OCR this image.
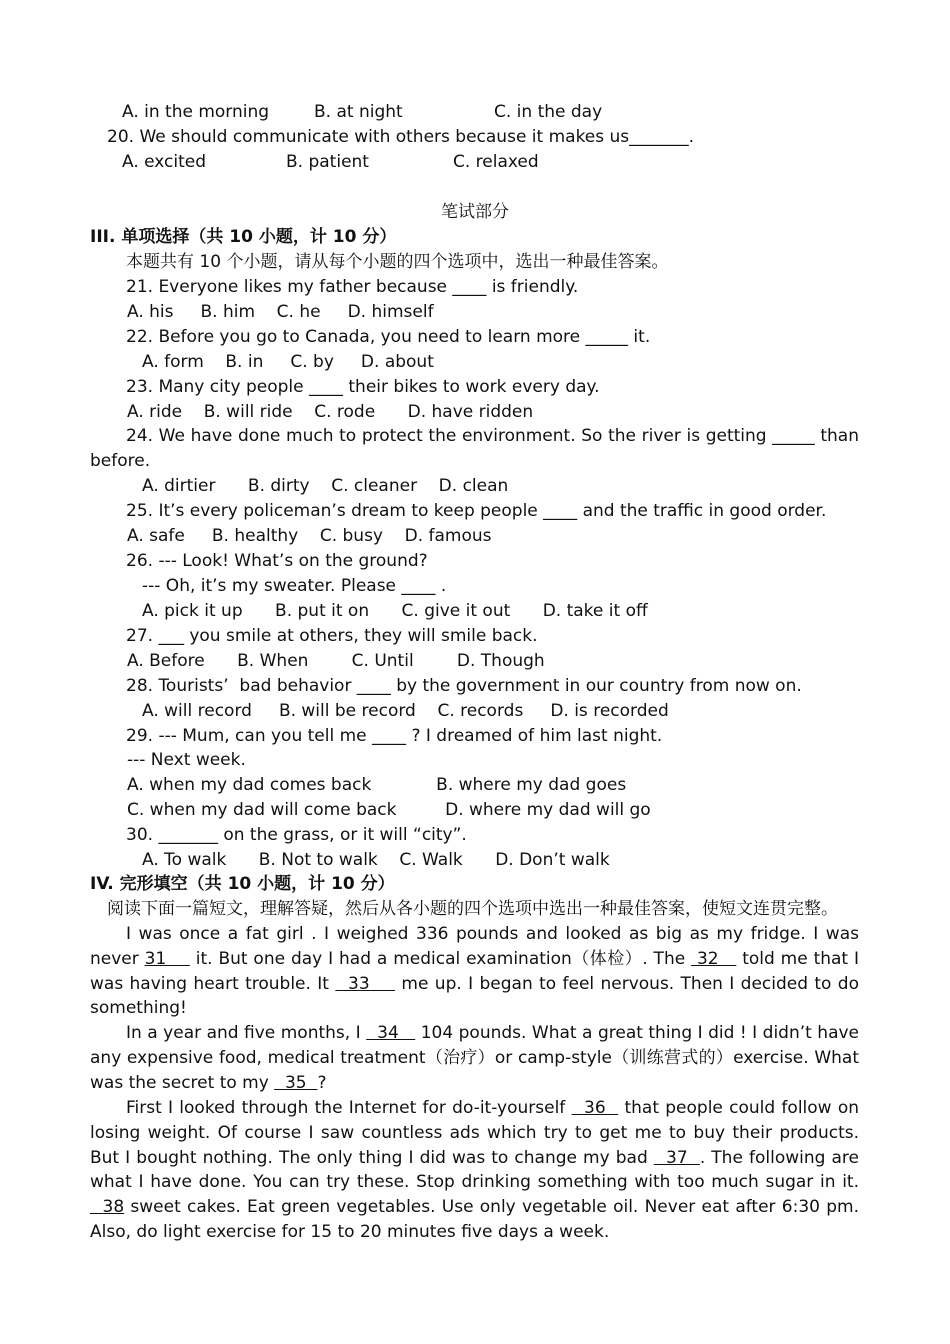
A. in the morning	B. at night	C. in the day
20. We should communicate with others because it makes us_______.
A. excited	B. patient	C. relaxed
笔试部分
III. 单项选择（共 10 小题，计 10 分）
本题共有 10 个小题，请从每个小题的四个选项中，选出一种最佳答案。
21. Everyone likes my father because ____ is friendly.
A. his     B. him    C. he     D. himself
22. Before you go to Canada, you need to learn more _____ it.
A. form    B. in     C. by     D. about
23. Many city people ____ their bikes to work every day.
A. ride    B. will ride    C. rode      D. have ridden
24. We have done much to protect the environment. So the river is getting _____ than before.
A. dirtier      B. dirty    C. cleaner    D. clean
25. It’s every policeman’s dream to keep people ____ and the traffic in good order.
A. safe     B. healthy    C. busy    D. famous
26. --- Look! What’s on the ground?
--- Oh, it’s my sweater. Please ____ .
A. pick it up      B. put it on      C. give it out      D. take it off
27. ___ you smile at others, they will smile back.
A. Before      B. When        C. Until        D. Though
28. Tourists’  bad behavior ____ by the government in our country from now on.
A. will record     B. will be record    C. records     D. is recorded
29. --- Mum, can you tell me ____ ? I dreamed of him last night.
--- Next week.
A. when my dad comes back            B. where my dad goes
C. when my dad will come back         D. where my dad will go
30. _______ on the grass, or it will “city”.
A. To walk      B. Not to walk    C. Walk      D. Don’t walk
IV. 完形填空（共 10 小题，计 10 分）
阅读下面一篇短文，理解答疑，然后从各小题的四个选项中选出一种最佳答案，使短文连贯完整。
I was once a fat girl . I weighed 336 pounds and looked as big as my fridge. I was never 31     it. But one day I had a medical examination（体检）. The  32    told me that I was having heart trouble. It   33     me up. I began to feel nervous. Then I decided to do something!
In a year and five months, I   34    104 pounds. What a great thing I did ! I didn’t have any expensive food, medical treatment（治疗）or camp-style（训练营式的）exercise. What was the secret to my   35  ?
First I looked through the Internet for do-it-yourself   36   that people could follow on losing weight. Of course I saw countless ads which try to get me to buy their products. But I bought nothing. The only thing I did was to change my bad   37  . The following are what I have done. You can try these. Stop drinking something with too much sugar in it.   38 sweet cakes. Eat green vegetables. Use only vegetable oil. Never eat after 6:30 pm. Also, do light exercise for 15 to 20 minutes five days a week.
